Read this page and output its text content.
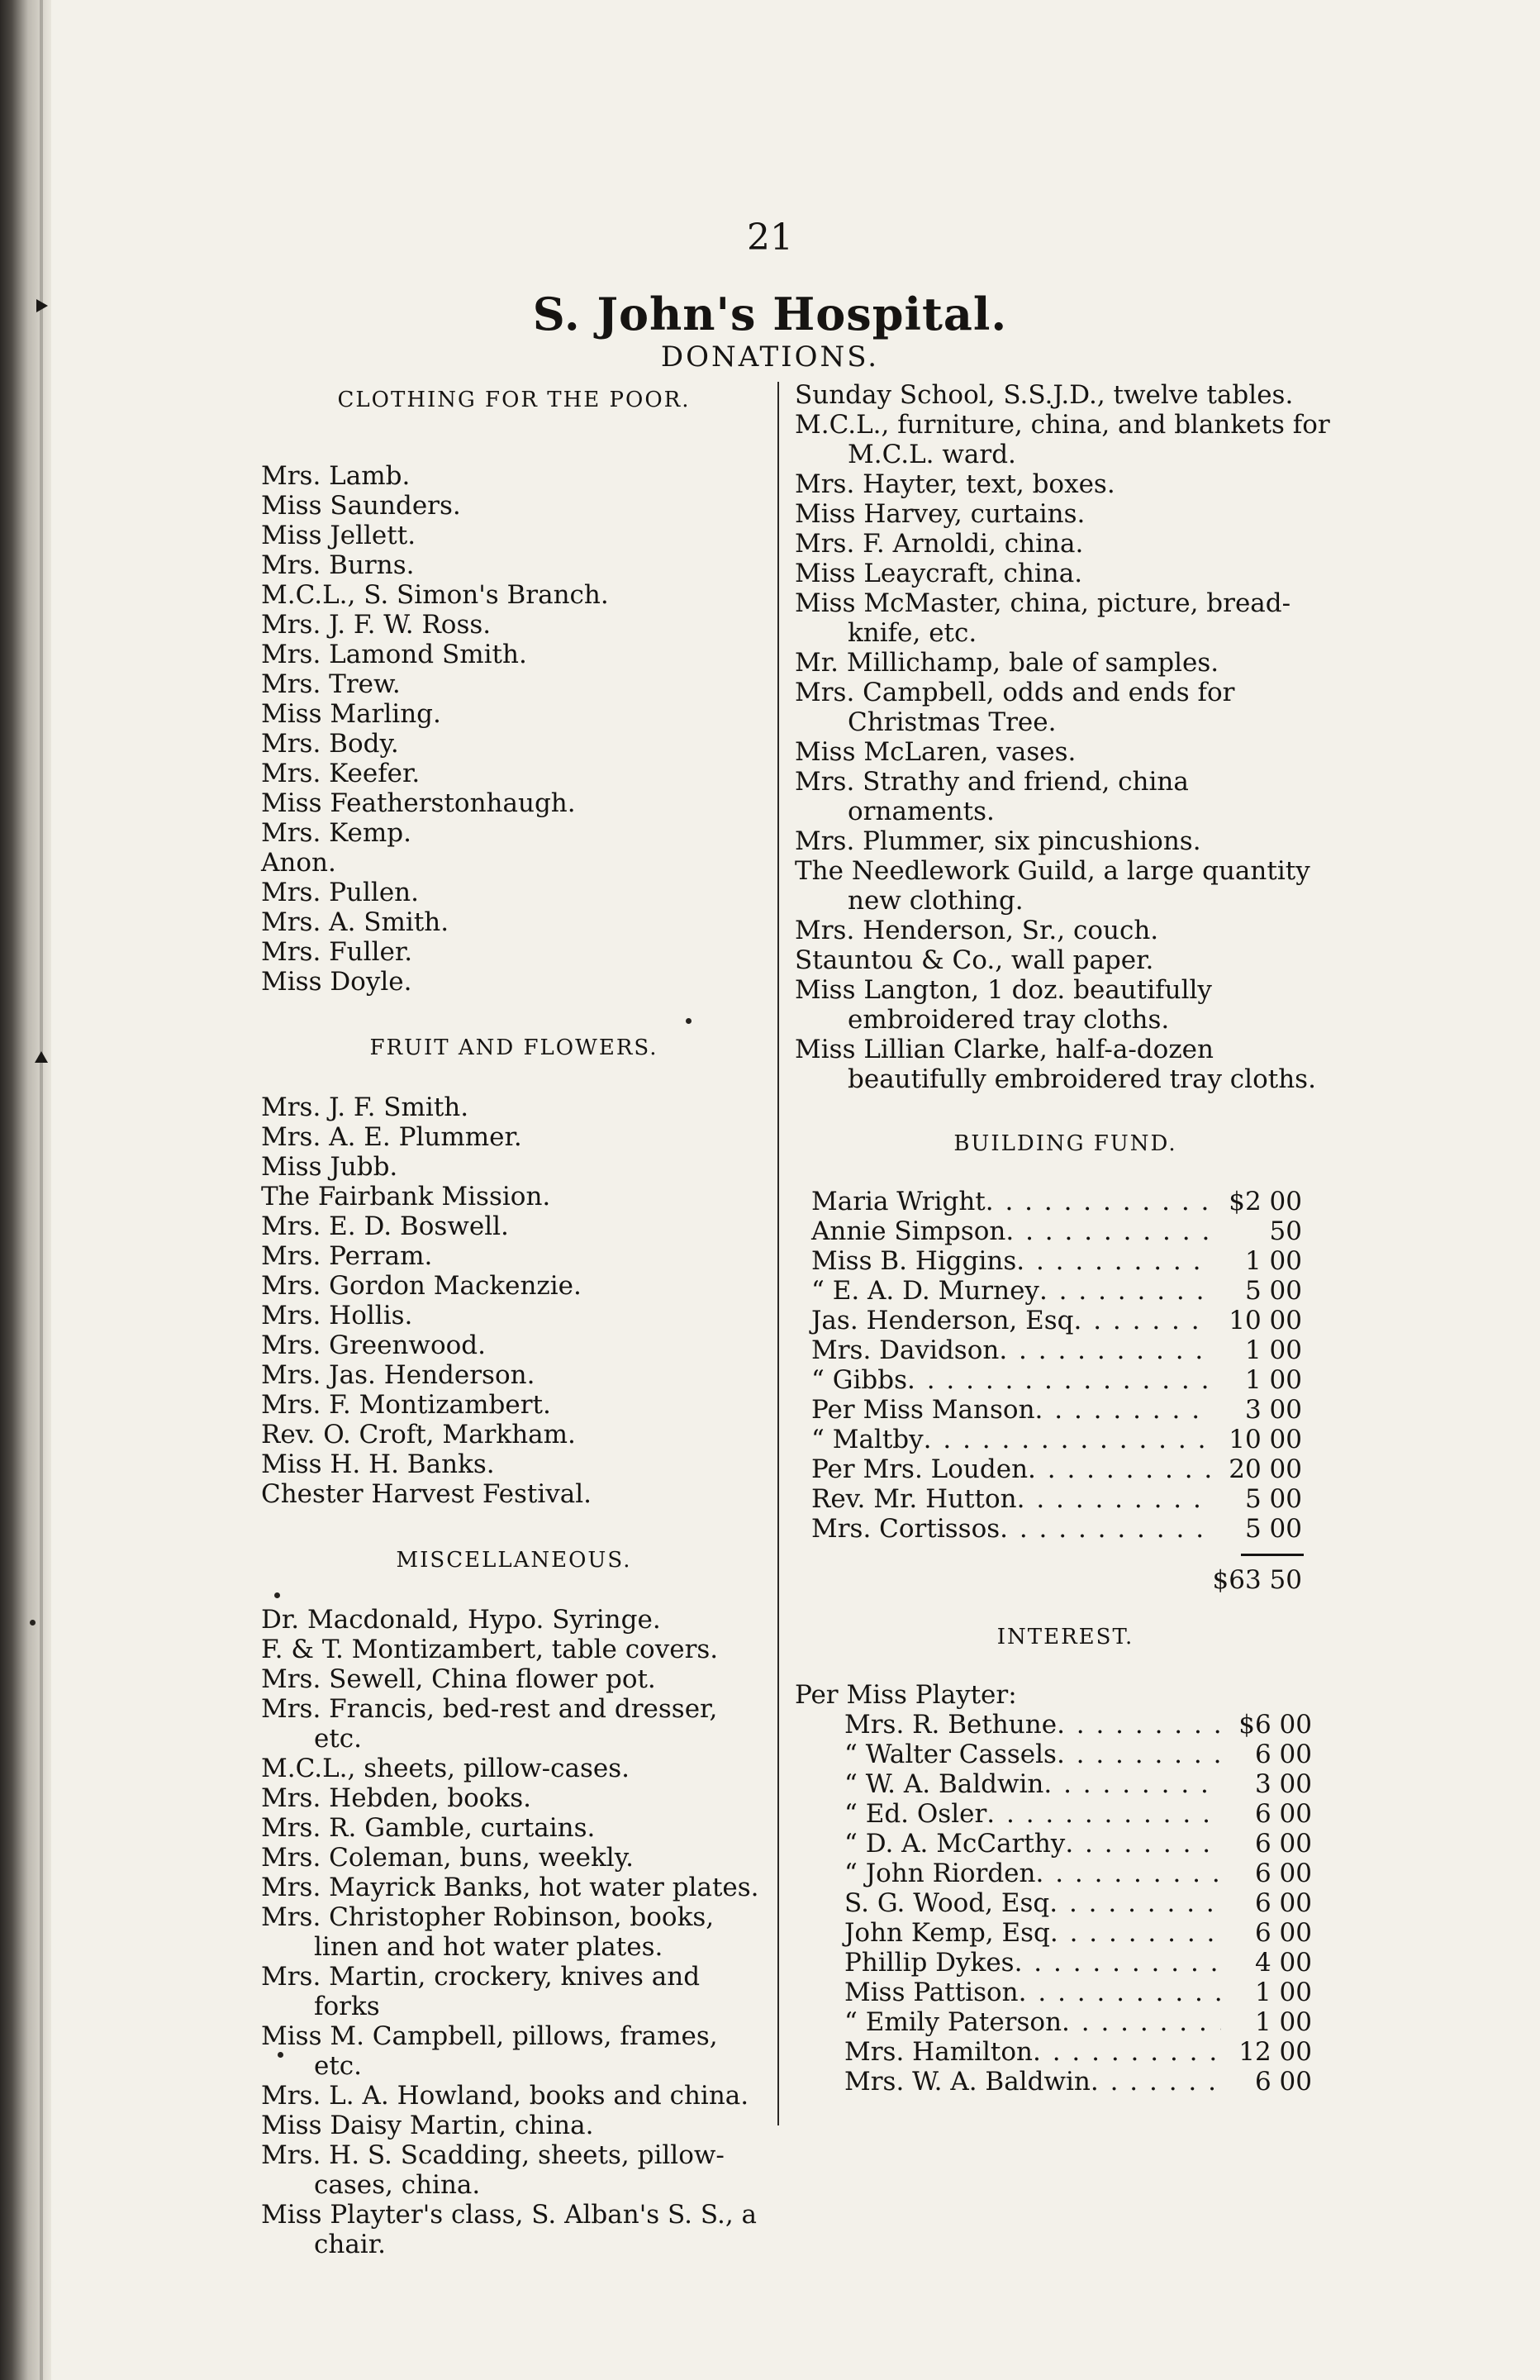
21
S. John's Hospital.
DONATIONS.
CLOTHING FOR THE POOR.
Mrs. Lamb.
Miss Saunders.
Miss Jellett.
Mrs. Burns.
M.C.L., S. Simon's Branch.
Mrs. J. F. W. Ross.
Mrs. Lamond Smith.
Mrs. Trew.
Miss Marling.
Mrs. Body.
Mrs. Keefer.
Miss Featherstonhaugh.
Mrs. Kemp.
Anon.
Mrs. Pullen.
Mrs. A. Smith.
Mrs. Fuller.
Miss Doyle.
FRUIT AND FLOWERS.
Mrs. J. F. Smith.
Mrs. A. E. Plummer.
Miss Jubb.
The Fairbank Mission.
Mrs. E. D. Boswell.
Mrs. Perram.
Mrs. Gordon Mackenzie.
Mrs. Hollis.
Mrs. Greenwood.
Mrs. Jas. Henderson.
Mrs. F. Montizambert.
Rev. O. Croft, Markham.
Miss H. H. Banks.
Chester Harvest Festival.
MISCELLANEOUS.
Dr. Macdonald, Hypo. Syringe.
F. & T. Montizambert, table covers.
Mrs. Sewell, China flower pot.
Mrs. Francis, bed-rest and dresser, etc.
M.C.L., sheets, pillow-cases.
Mrs. Hebden, books.
Mrs. R. Gamble, curtains.
Mrs. Coleman, buns, weekly.
Mrs. Mayrick Banks, hot water plates.
Mrs. Christopher Robinson, books, linen and hot water plates.
Mrs. Martin, crockery, knives and forks
Miss M. Campbell, pillows, frames, etc.
Mrs. L. A. Howland, books and china.
Miss Daisy Martin, china.
Mrs. H. S. Scadding, sheets, pillow-cases, china.
Miss Playter's class, S. Alban's S. S., a chair.
Sunday School, S.S.J.D., twelve tables.
M.C.L., furniture, china, and blankets for M.C.L. ward.
Mrs. Hayter, text, boxes.
Miss Harvey, curtains.
Mrs. F. Arnoldi, china.
Miss Leaycraft, china.
Miss McMaster, china, picture, bread-knife, etc.
Mr. Millichamp, bale of samples.
Mrs. Campbell, odds and ends for Christmas Tree.
Miss McLaren, vases.
Mrs. Strathy and friend, china ornaments.
Mrs. Plummer, six pincushions.
The Needlework Guild, a large quantity new clothing.
Mrs. Henderson, Sr., couch.
Stauntou & Co., wall paper.
Miss Langton, 1 doz. beautifully embroidered tray cloths.
Miss Lillian Clarke, half-a-dozen beautifully embroidered tray cloths.
BUILDING FUND.
Maria Wright . . .	$2 00
Annie Simpson . . .	50
Miss B. Higgins . . .	1 00
“ E. A. D. Murney . . .	5 00
Jas. Henderson, Esq . . .	10 00
Mrs. Davidson . . .	1 00
“ Gibbs . . .	1 00
Per Miss Manson . . .	3 00
“ Maltby . . .	10 00
Per Mrs. Louden . . .	20 00
Rev. Mr. Hutton . . .	5 00
Mrs. Cortissos . . .	5 00
$63 50
INTEREST.
Per Miss Playter:
Mrs. R. Bethune . . .	$6 00
“ Walter Cassels . . .	6 00
“ W. A. Baldwin . . .	3 00
“ Ed. Osler . . .	6 00
“ D. A. McCarthy . . .	6 00
“ John Riorden . . .	6 00
S. G. Wood, Esq . . .	6 00
John Kemp, Esq . . .	6 00
Phillip Dykes . . .	4 00
Miss Pattison . . .	1 00
“ Emily Paterson . . .	1 00
Mrs. Hamilton . . .	12 00
Mrs. W. A. Baldwin . . .	6 00
